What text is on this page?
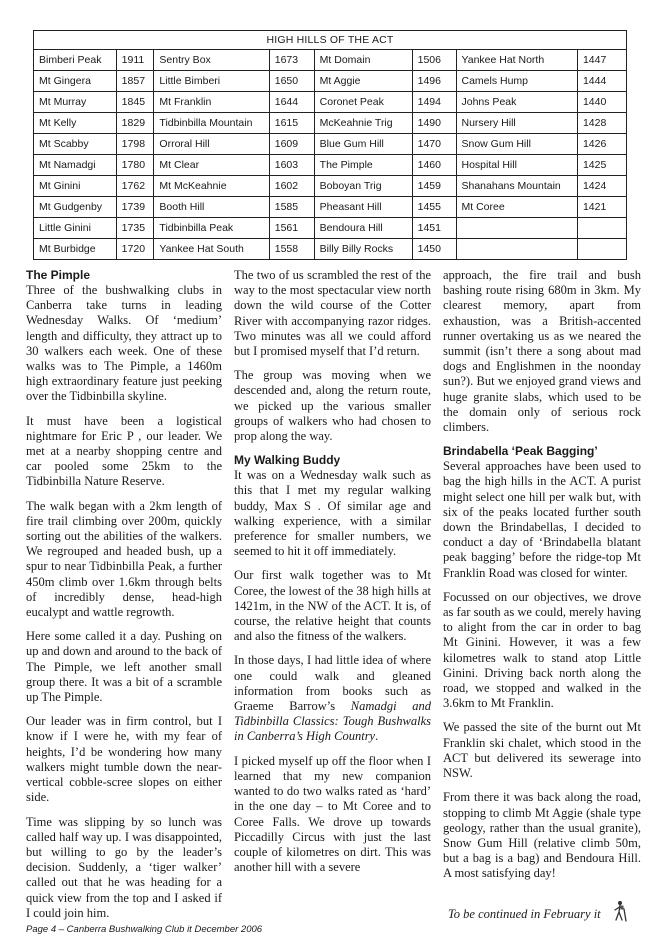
HIGH HILLS OF THE ACT							
Bimberi Peak	1911	Sentry Box	1673	Mt Domain	1506	Yankee Hat North	1447
Mt Gingera	1857	Little Bimberi	1650	Mt Aggie	1496	Camels Hump	1444
Mt Murray	1845	Mt Franklin	1644	Coronet Peak	1494	Johns Peak	1440
Mt Kelly	1829	Tidbinbilla Mountain	1615	McKeahnie Trig	1490	Nursery Hill	1428
Mt Scabby	1798	Orroral Hill	1609	Blue Gum Hill	1470	Snow Gum Hill	1426
Mt Namadgi	1780	Mt Clear	1603	The Pimple	1460	Hospital Hill	1425
Mt Ginini	1762	Mt McKeahnie	1602	Boboyan Trig	1459	Shanahans Mountain	1424
Mt Gudgenby	1739	Booth Hill	1585	Pheasant Hill	1455	Mt Coree	1421
Little Ginini	1735	Tidbinbilla Peak	1561	Bendoura Hill	1451		
Mt Burbidge	1720	Yankee Hat South	1558	Billy Billy Rocks	1450		
The Pimple

Three of the bushwalking clubs in Canberra take turns in leading Wednesday Walks. Of ‘medium’ length and difficulty, they attract up to 30 walkers each week. One of these walks was to The Pimple, a 1460m high extraordinary feature just peeking over the Tidbinbilla skyline.

It must have been a logistical nightmare for Eric P , our leader. We met at a nearby shopping centre and car pooled some 25km to the Tidbinbilla Nature Reserve.

The walk began with a 2km length of fire trail climbing over 200m, quickly sorting out the abilities of the walkers. We regrouped and headed bush, up a spur to near Tidbinbilla Peak, a further 450m climb over 1.6km through belts of incredibly dense, head-high eucalypt and wattle regrowth.

Here some called it a day. Pushing on up and down and around to the back of The Pimple, we left another small group there. It was a bit of a scramble up The Pimple.

Our leader was in firm control, but I know if I were he, with my fear of heights, I’d be wondering how many walkers might tumble down the near-vertical cobble-scree slopes on either side.

Time was slipping by so lunch was called half way up. I was disappointed, but willing to go by the leader’s decision. Suddenly, a ‘tiger walker’ called out that he was heading for a quick view from the top and I asked if I could join him.

The two of us scrambled the rest of the way to the most spectacular view north down the wild course of the Cotter River with accompanying razor ridges. Two minutes was all we could afford but I promised myself that I’d return.

The group was moving when we descended and, along the return route, we picked up the various smaller groups of walkers who had chosen to prop along the way.

My Walking Buddy

It was on a Wednesday walk such as this that I met my regular walking buddy, Max S . Of similar age and walking experience, with a similar preference for smaller numbers, we seemed to hit it off immediately.

Our first walk together was to Mt Coree, the lowest of the 38 high hills at 1421m, in the NW of the ACT. It is, of course, the relative height that counts and also the fitness of the walkers.

In those days, I had little idea of where one could walk and gleaned information from books such as Graeme Barrow’s Namadgi and Tidbinbilla Classics: Tough Bushwalks in Canberra’s High Country.

I picked myself up off the floor when I learned that my new companion wanted to do two walks rated as ‘hard’ in the one day – to Mt Coree and to Coree Falls. We drove up towards Piccadilly Circus with just the last couple of kilometres on dirt. This was another hill with a severe

approach, the fire trail and bush bashing route rising 680m in 3km. My clearest memory, apart from exhaustion, was a British-accented runner overtaking us as we neared the summit (isn’t there a song about mad dogs and Englishmen in the noonday sun?). But we enjoyed grand views and huge granite slabs, which used to be the domain only of serious rock climbers.

Brindabella ‘Peak Bagging’

Several approaches have been used to bag the high hills in the ACT. A purist might select one hill per walk but, with six of the peaks located further south down the Brindabellas, I decided to conduct a day of ‘Brindabella blatant peak bagging’ before the ridge-top Mt Franklin Road was closed for winter.

Focussed on our objectives, we drove as far south as we could, merely having to alight from the car in order to bag Mt Ginini. However, it was a few kilometres walk to stand atop Little Ginini. Driving back north along the road, we stopped and walked in the 3.6km to Mt Franklin.

We passed the site of the burnt out Mt Franklin ski chalet, which stood in the ACT but delivered its sewerage into NSW.

From there it was back along the road, stopping to climb Mt Aggie (shale type geology, rather than the usual granite), Snow Gum Hill (relative climb 50m, but a bag is a bag) and Bendoura Hill. A most satisfying day!

To be continued in February it
Page 4 – Canberra Bushwalking Club it December 2006
